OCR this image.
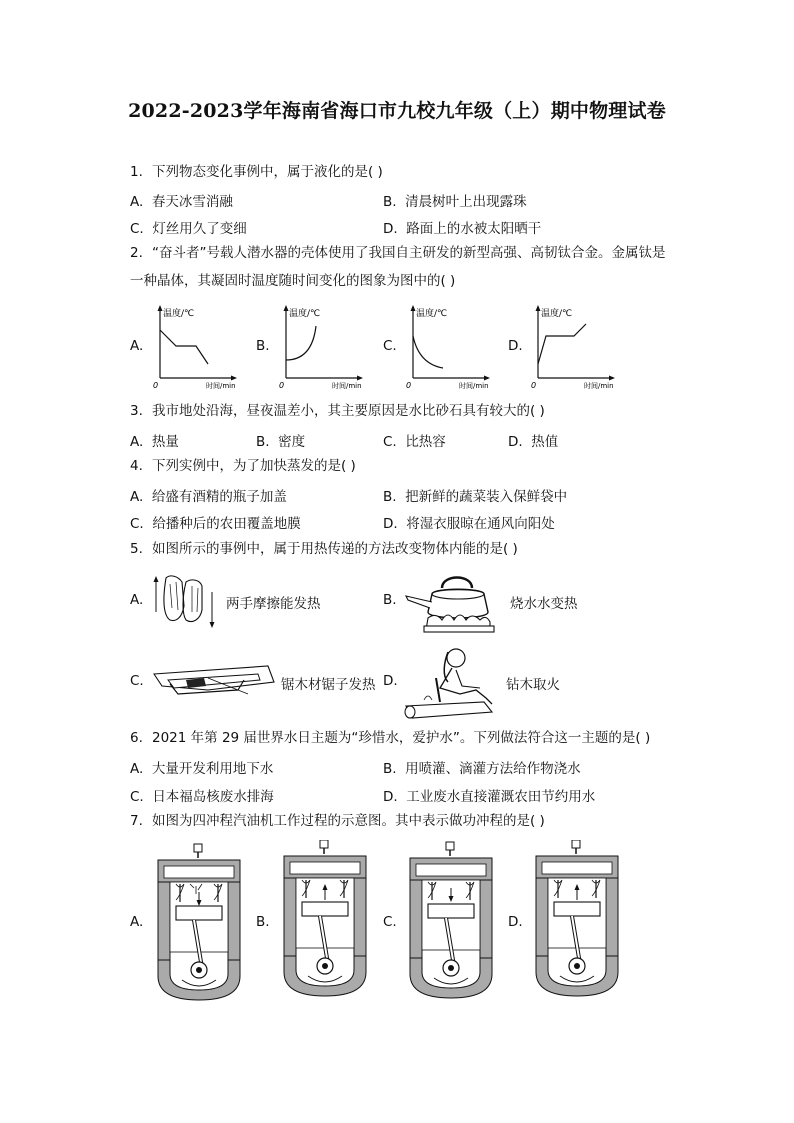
2022-2023学年海南省海口市九校九年级（上）期中物理试卷
1. 下列物态变化事例中，属于液化的是( )
A.  春天冰雪消融	B.  清晨树叶上出现露珠
C.  灯丝用久了变细	D.  路面上的水被太阳晒干
2. “奋斗者”号载人潜水器的壳体使用了我国自主研发的新型高强、高韧钛合金。金属钛是
一种晶体，其凝固时温度随时间变化的图象为图中的( )
A.	B.	C.	D.
温度/℃
时间/min
0
温度/℃
时间/min
0
温度/℃
时间/min
0
温度/℃
时间/min
0
3. 我市地处沿海，昼夜温差小，其主要原因是水比砂石具有较大的( )
A.  热量	B.  密度	C.  比热容	D.  热值
4. 下列实例中，为了加快蒸发的是( )
A.  给盛有酒精的瓶子加盖	B.  把新鲜的蔬菜装入保鲜袋中
C.  给播种后的农田覆盖地膜	D.  将湿衣服晾在通风向阳处
5. 如图所示的事例中，属于用热传递的方法改变物体内能的是( )
A.	两手摩擦能发热	B.	烧水水变热
C.	锯木材锯子发热 D.	钻木取火
6. 2021 年第 29 届世界水日主题为“珍惜水，爱护水”。下列做法符合这一主题的是( )
A.  大量开发利用地下水	B.  用喷灌、滴灌方法给作物浇水
C.  日本福岛核废水排海	D.  工业废水直接灌溉农田节约用水
7. 如图为四冲程汽油机工作过程的示意图。其中表示做功冲程的是( )
A.	B.	C.	D.
